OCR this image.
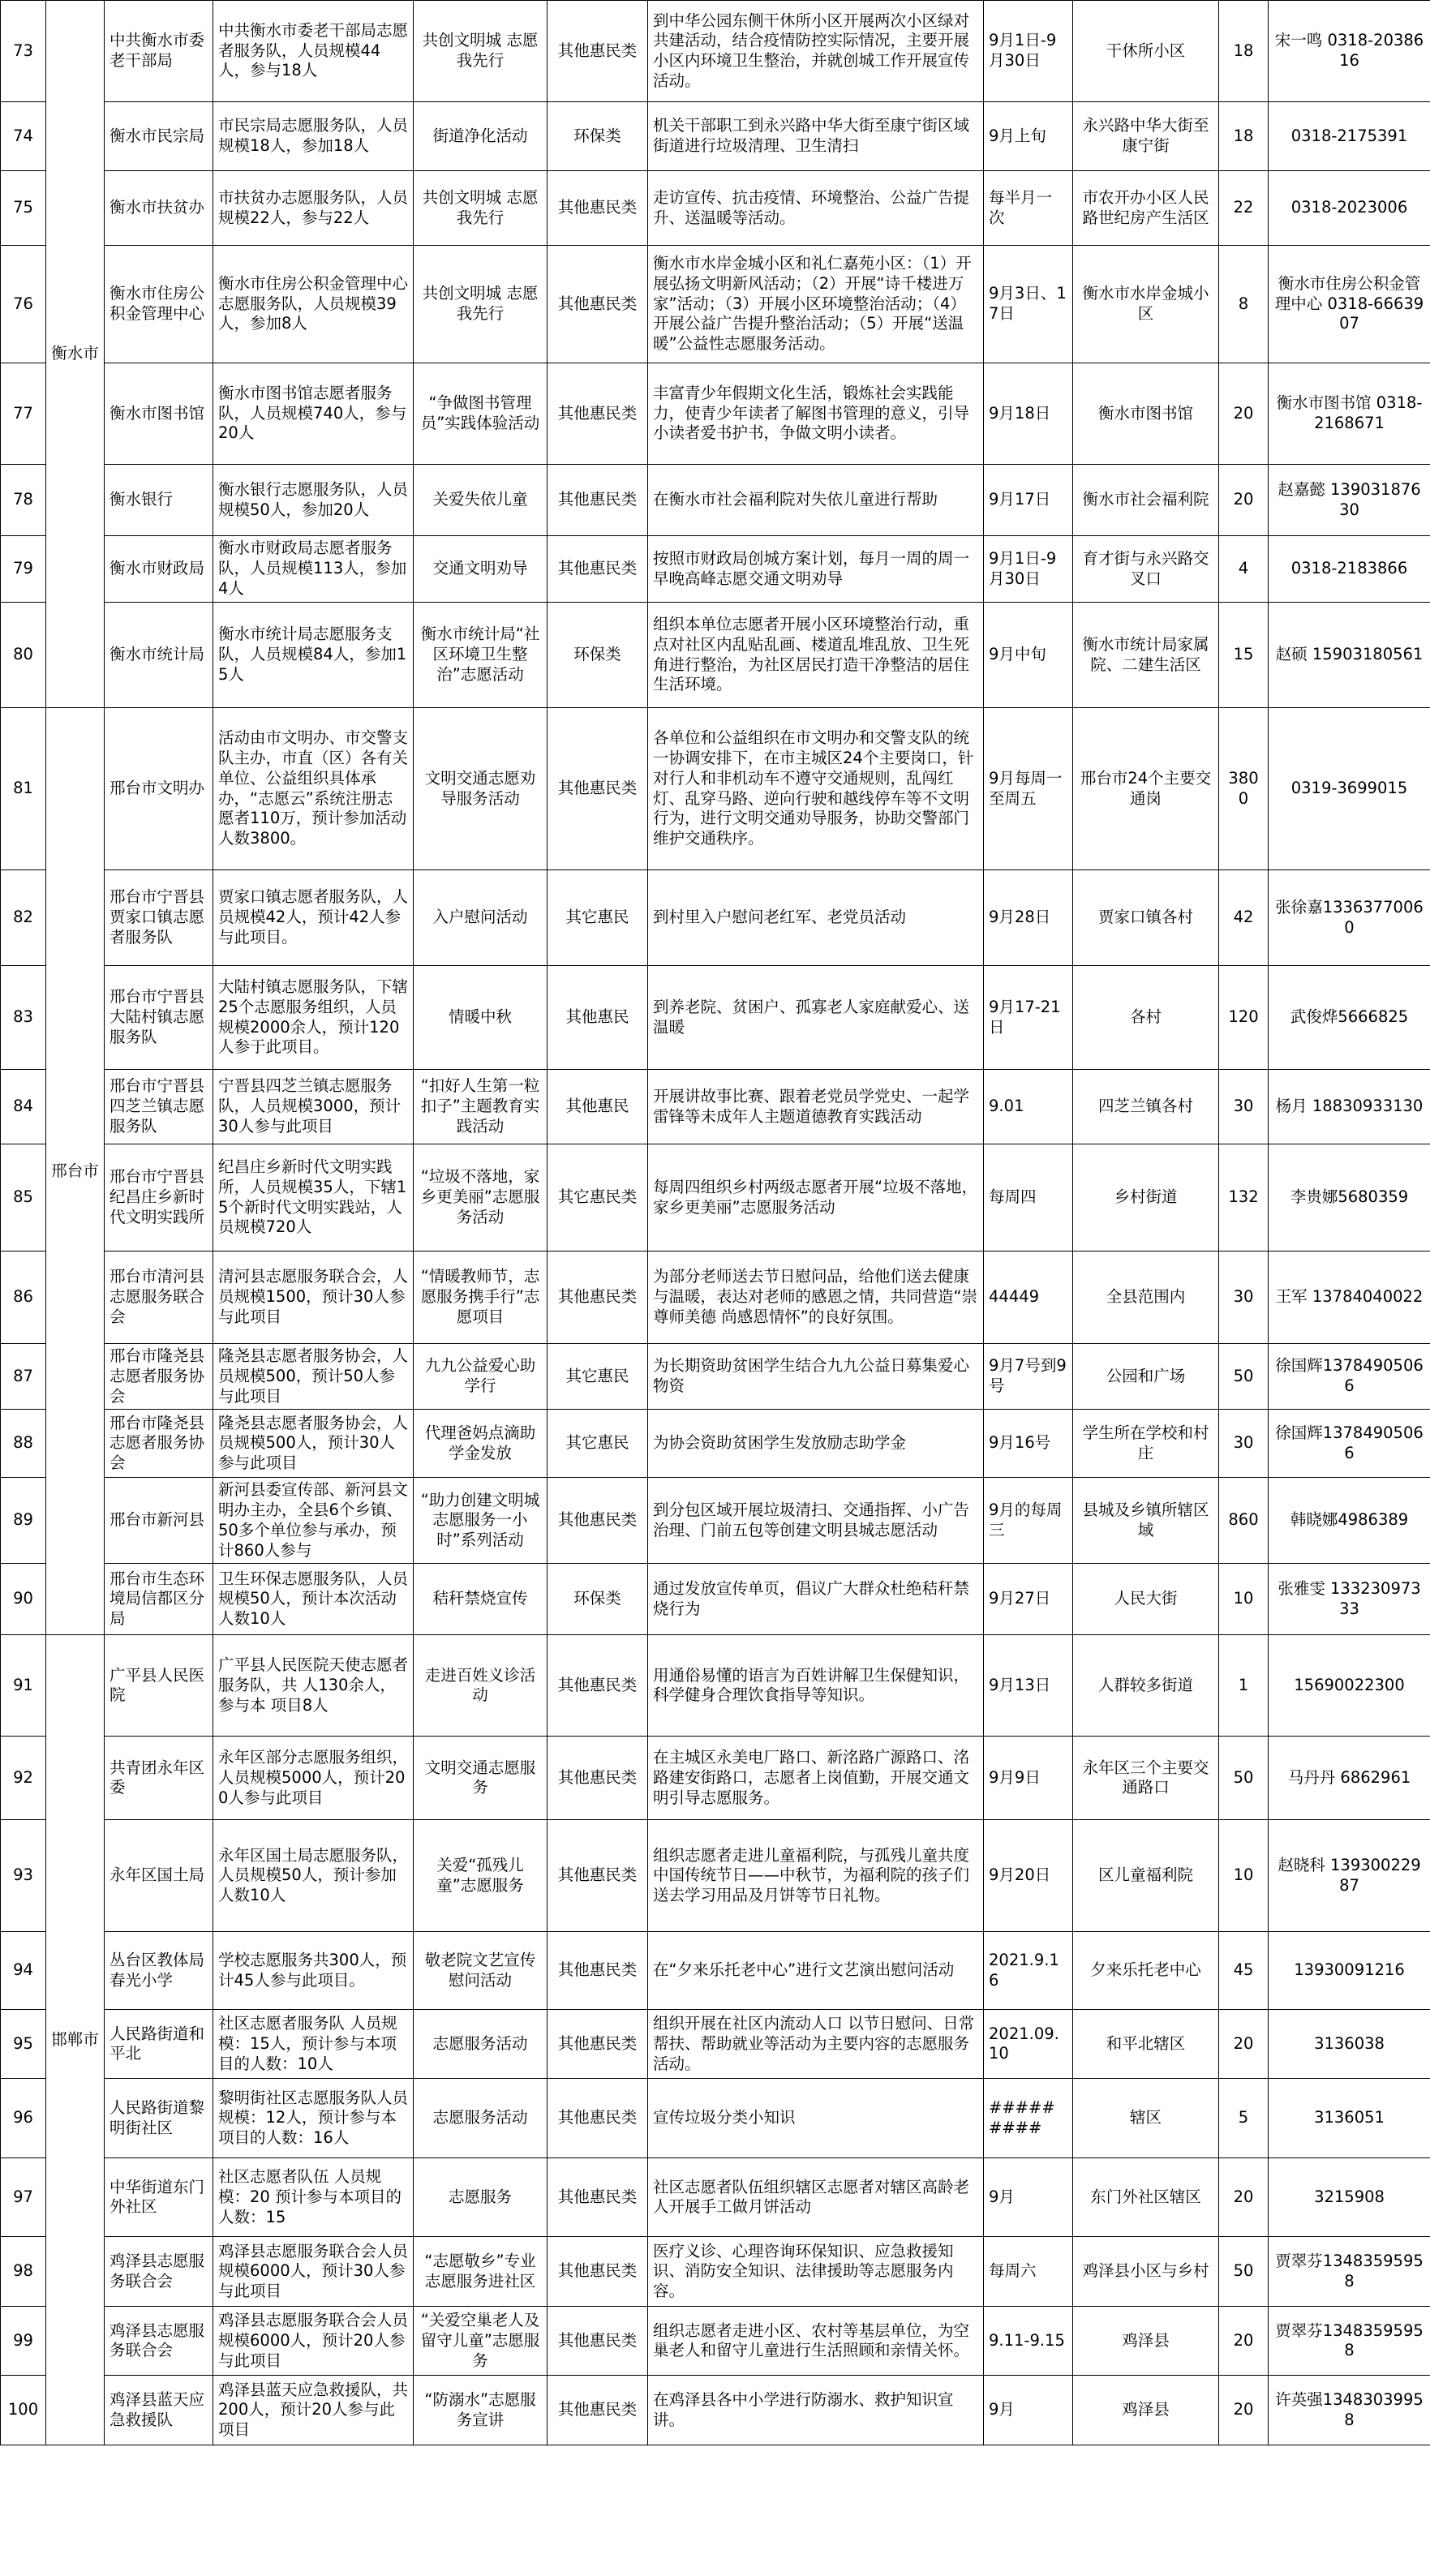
73	衡水市	中共衡水市委老干部局	中共衡水市委老干部局志愿者服务队，人员规模44人，参与18人	共创文明城 志愿我先行	其他惠民类	到中华公园东侧干休所小区开展两次小区绿对共建活动，结合疫情防控实际情况，主要开展小区内环境卫生整治，并就创城工作开展宣传活动。	9月1日-9月30日	干休所小区	18	宋一鸣 0318-2038616
74		衡水市民宗局	市民宗局志愿服务队，人员规模18人，参加18人	街道净化活动	环保类	机关干部职工到永兴路中华大街至康宁街区域街道进行垃圾清理、卫生清扫	9月上旬	永兴路中华大街至康宁街	18	0318-2175391
75		衡水市扶贫办	市扶贫办志愿服务队，人员规模22人，参与22人	共创文明城 志愿我先行	其他惠民类	走访宣传、抗击疫情、环境整治、公益广告提升、送温暖等活动。	每半月一次	市农开办小区人民路世纪房产生活区	22	0318-2023006
76		衡水市住房公积金管理中心	衡水市住房公积金管理中心志愿服务队，人员规模39人，参加8人	共创文明城 志愿我先行	其他惠民类	衡水市水岸金城小区和礼仁嘉苑小区：（1）开展弘扬文明新风活动；（2）开展“诗千楼进万家”活动；（3）开展小区环境整治活动；（4）开展公益广告提升整治活动；（5）开展“送温暖”公益性志愿服务活动。	9月3日、17日	衡水市水岸金城小区	8	衡水市住房公积金管理中心 0318-6663907
77		衡水市图书馆	衡水市图书馆志愿者服务队，人员规模740人，参与20人	“争做图书管理员”实践体验活动	其他惠民类	丰富青少年假期文化生活，锻炼社会实践能力，使青少年读者了解图书管理的意义，引导小读者爱书护书，争做文明小读者。	9月18日	衡水市图书馆	20	衡水市图书馆 0318-2168671
78		衡水银行	衡水银行志愿服务队，人员规模50人，参加20人	关爱失依儿童	其他惠民类	在衡水市社会福利院对失依儿童进行帮助	9月17日	衡水市社会福利院	20	赵嘉懿 13903187630
79		衡水市财政局	衡水市财政局志愿者服务队，人员规模113人，参加4人	交通文明劝导	其他惠民类	按照市财政局创城方案计划，每月一周的周一早晚高峰志愿交通文明劝导	9月1日-9月30日	育才街与永兴路交叉口	4	0318-2183866
80		衡水市统计局	衡水市统计局志愿服务支队，人员规模84人，参加15人	衡水市统计局“社区环境卫生整治”志愿活动	环保类	组织本单位志愿者开展小区环境整治行动，重点对社区内乱贴乱画、楼道乱堆乱放、卫生死角进行整治，为社区居民打造干净整洁的居住生活环境。	9月中旬	衡水市统计局家属院、二建生活区	15	赵硕 15903180561
81	邢台市	邢台市文明办	活动由市文明办、市交警支队主办，市直（区）各有关单位、公益组织具体承办，“志愿云”系统注册志愿者110万，预计参加活动人数3800。	文明交通志愿劝导服务活动	其他惠民类	各单位和公益组织在市文明办和交警支队的统一协调安排下，在市主城区24个主要岗口，针对行人和非机动车不遵守交通规则，乱闯红灯、乱穿马路、逆向行驶和越线停车等不文明行为，进行文明交通劝导服务，协助交警部门维护交通秩序。	9月每周一至周五	邢台市24个主要交通岗	3800	0319-3699015
82		邢台市宁晋县贾家口镇志愿者服务队	贾家口镇志愿者服务队，人员规模42人，预计42人参与此项目。	入户慰问活动	其它惠民	到村里入户慰问老红军、老党员活动	9月28日	贾家口镇各村	42	张徐嘉13363770060
83		邢台市宁晋县大陆村镇志愿服务队	大陆村镇志愿服务队，下辖25个志愿服务组织，人员规模2000余人，预计120人参于此项目。	情暖中秋	其他惠民	到养老院、贫困户、孤寡老人家庭献爱心、送温暖	9月17-21日	各村	120	武俊烨5666825
84		邢台市宁晋县四芝兰镇志愿服务队	宁晋县四芝兰镇志愿服务队，人员规模3000，预计30人参与此项目	“扣好人生第一粒扣子”主题教育实践活动	其他惠民	开展讲故事比赛、跟着老党员学党史、一起学雷锋等未成年人主题道德教育实践活动	9.01	四芝兰镇各村	30	杨月 18830933130
85		邢台市宁晋县纪昌庄乡新时代文明实践所	纪昌庄乡新时代文明实践所，人员规模35人，下辖15个新时代文明实践站，人员规模720人	“垃圾不落地，家乡更美丽”志愿服务活动	其它惠民类	每周四组织乡村两级志愿者开展“垃圾不落地，家乡更美丽”志愿服务活动	每周四	乡村街道	132	李贵娜5680359
86		邢台市清河县志愿服务联合会	清河县志愿服务联合会，人员规模1500，预计30人参与此项目	“情暖教师节，志愿服务携手行”志愿项目	其他惠民类	为部分老师送去节日慰问品，给他们送去健康与温暖，表达对老师的感恩之情，共同营造“崇尊师美德 尚感恩情怀”的良好氛围。	44449	全县范围内	30	王军 13784040022
87		邢台市隆尧县志愿者服务协会	隆尧县志愿者服务协会，人员规模500，预计50人参与此项目	九九公益爱心助学行	其它惠民	为长期资助贫困学生结合九九公益日募集爱心物资	9月7号到9号	公园和广场	50	徐国辉13784905066
88		邢台市隆尧县志愿者服务协会	隆尧县志愿者服务协会，人员规模500人，预计30人参与此项目	代理爸妈点滴助学金发放	其它惠民	为协会资助贫困学生发放励志助学金	9月16号	学生所在学校和村庄	30	徐国辉13784905066
89		邢台市新河县	新河县委宣传部、新河县文明办主办，全县6个乡镇、50多个单位参与承办，预计860人参与	“助力创建文明城 志愿服务一小时”系列活动	其他惠民类	到分包区域开展垃圾清扫、交通指挥、小广告治理、门前五包等创建文明县城志愿活动	9月的每周三	县城及乡镇所辖区域	860	韩晓娜4986389
90		邢台市生态环境局信都区分局	卫生环保志愿服务队，人员规模50人，预计本次活动人数10人	秸秆禁烧宣传	环保类	通过发放宣传单页，倡议广大群众杜绝秸秆禁烧行为	9月27日	人民大街	10	张雅雯 13323097333
91	邯郸市	广平县人民医院	广平县人民医院天使志愿者服务队，共 人130余人，参与本 项目8人	走进百姓义诊活动	其他惠民类	用通俗易懂的语言为百姓讲解卫生保健知识，科学健身合理饮食指导等知识。	9月13日	人群较多街道	1	15690022300
92		共青团永年区委	永年区部分志愿服务组织，人员规模5000人，预计200人参与此项目	文明交通志愿服务	其他惠民类	在主城区永美电厂路口、新洺路广源路口、洺路建安街路口，志愿者上岗值勤，开展交通文明引导志愿服务。	9月9日	永年区三个主要交通路口	50	马丹丹 6862961
93		永年区国土局	永年区国土局志愿服务队，人员规模50人，预计参加人数10人	关爱“孤残儿童”志愿服务	其他惠民类	组织志愿者走进儿童福利院，与孤残儿童共度中国传统节日——中秋节，为福利院的孩子们送去学习用品及月饼等节日礼物。	9月20日	区儿童福利院	10	赵晓科 13930022987
94		丛台区教体局春光小学	学校志愿服务共300人，预计45人参与此项目。	敬老院文艺宣传慰问活动	其他惠民类	在“夕来乐托老中心”进行文艺演出慰问活动	2021.9.16	夕来乐托老中心	45	13930091216
95		人民路街道和平北	社区志愿者服务队 人员规模：15人，预计参与本项目的人数：10人	志愿服务活动	其他惠民类	组织开展在社区内流动人口 以节日慰问、日常帮扶、帮助就业等活动为主要内容的志愿服务活动。	2021.09.10	和平北辖区	20	3136038
96		人民路街道黎明街社区	黎明街社区志愿服务队人员规模：12人，预计参与本项目的人数：16人	志愿服务活动	其他惠民类	宣传垃圾分类小知识	#########	辖区	5	3136051
97		中华街道东门外社区	社区志愿者队伍 人员规模：20 预计参与本项目的人数：15	志愿服务	其他惠民类	社区志愿者队伍组织辖区志愿者对辖区高龄老人开展手工做月饼活动	9月	东门外社区辖区	20	3215908
98		鸡泽县志愿服务联合会	鸡泽县志愿服务联合会人员规模6000人，预计30人参与此项目	“志愿敬乡”专业志愿服务进社区	其他惠民类	医疗义诊、心理咨询环保知识、应急救援知识、消防安全知识、法律援助等志愿服务内容。	每周六	鸡泽县小区与乡村	50	贾翠芬13483595958
99		鸡泽县志愿服务联合会	鸡泽县志愿服务联合会人员规模6000人，预计20人参与此项目	“关爱空巢老人及留守儿童”志愿服务	其他惠民类	组织志愿者走进小区、农村等基层单位，为空巢老人和留守儿童进行生活照顾和亲情关怀。	9.11-9.15	鸡泽县	20	贾翠芬13483595958
100		鸡泽县蓝天应急救援队	鸡泽县蓝天应急救援队，共200人，预计20人参与此项目	“防溺水”志愿服务宣讲	其他惠民类	在鸡泽县各中小学进行防溺水、救护知识宣讲。	9月	鸡泽县	20	许英强13483039958
